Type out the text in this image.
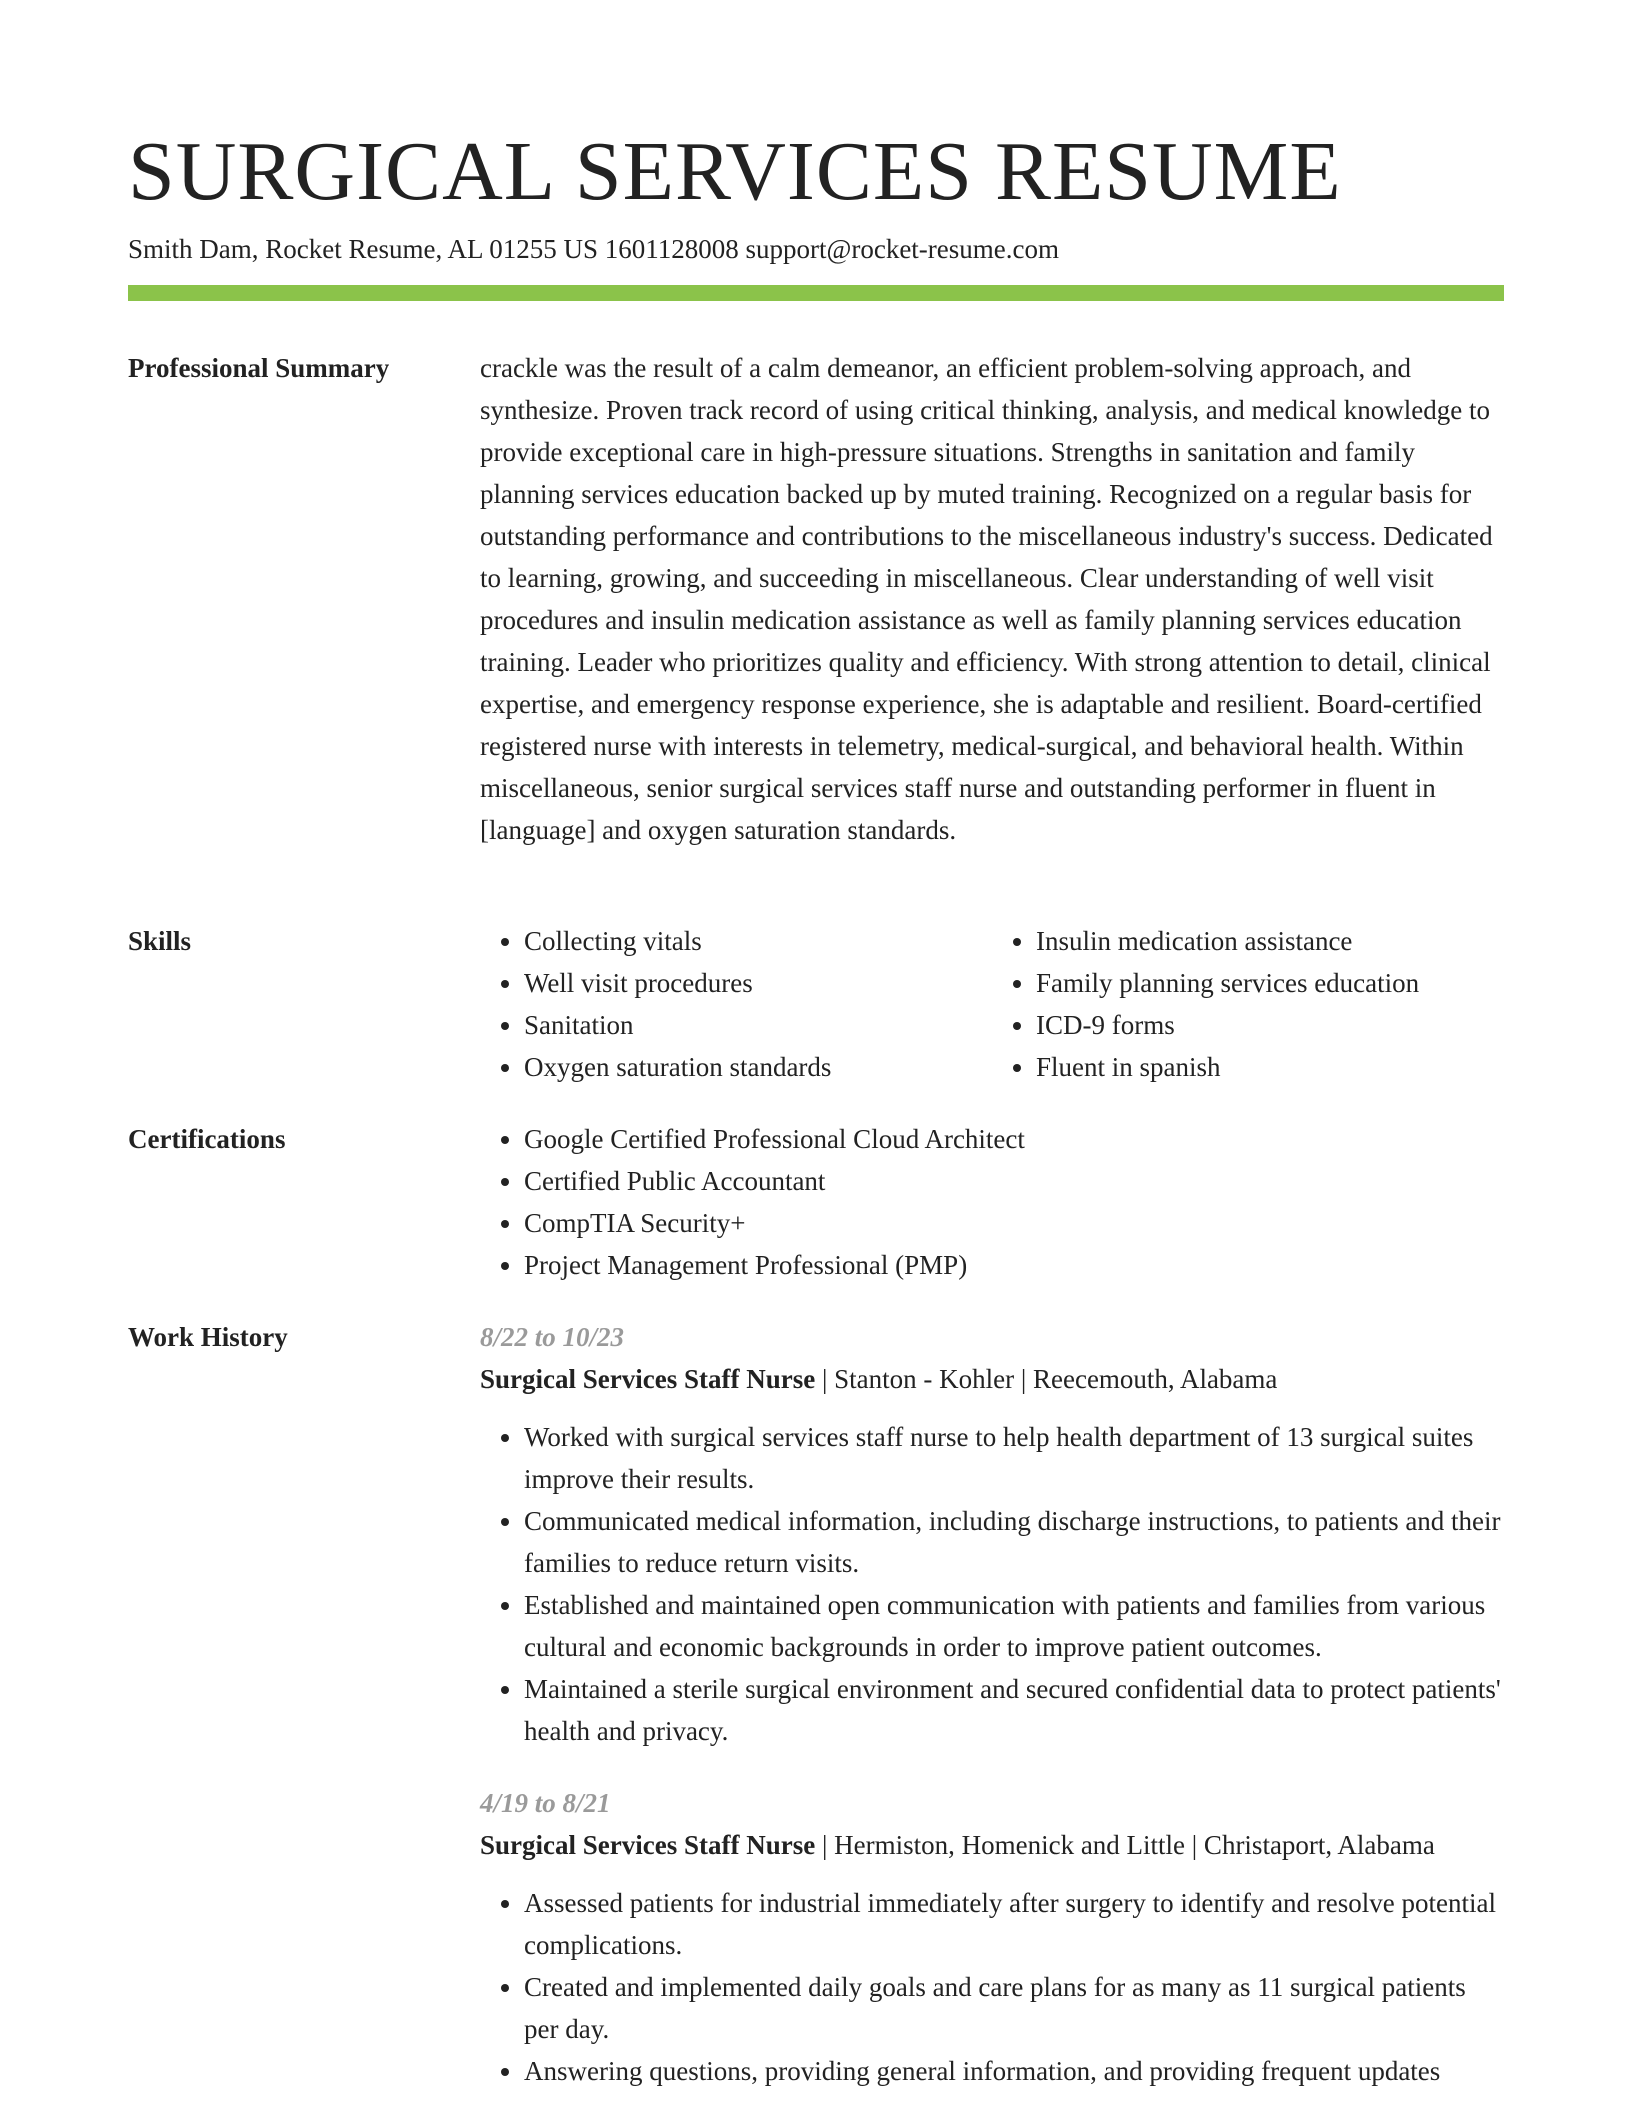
SURGICAL SERVICES RESUME
Smith Dam, Rocket Resume, AL 01255 US 1601128008 support@rocket-resume.com
Professional Summary	crackle was the result of a calm demeanor, an efficient problem-solving approach, and synthesize. Proven track record of using critical thinking, analysis, and medical knowledge to provide exceptional care in high-pressure situations. Strengths in sanitation and family planning services education backed up by muted training. Recognized on a regular basis for outstanding performance and contributions to the miscellaneous industry's success. Dedicated to learning, growing, and succeeding in miscellaneous. Clear understanding of well visit procedures and insulin medication assistance as well as family planning services education training. Leader who prioritizes quality and efficiency. With strong attention to detail, clinical expertise, and emergency response experience, she is adaptable and resilient. Board-certified registered nurse with interests in telemetry, medical-surgical, and behavioral health. Within miscellaneous, senior surgical services staff nurse and outstanding performer in fluent in [language] and oxygen saturation standards.

Skills	• Collecting vitals
• Well visit procedures
• Sanitation
• Oxygen saturation standards
• Insulin medication assistance
• Family planning services education
• ICD-9 forms
• Fluent in spanish
Certifications	• Google Certified Professional Cloud Architect
• Certified Public Accountant
• CompTIA Security+
• Project Management Professional (PMP)
Work History	8/22 to 10/23
Surgical Services Staff Nurse | Stanton - Kohler | Reecemouth, Alabama
• Worked with surgical services staff nurse to help health department of 13 surgical suites improve their results.
• Communicated medical information, including discharge instructions, to patients and their families to reduce return visits.
• Established and maintained open communication with patients and families from various cultural and economic backgrounds in order to improve patient outcomes.
• Maintained a sterile surgical environment and secured confidential data to protect patients' health and privacy.
4/19 to 8/21
Surgical Services Staff Nurse | Hermiston, Homenick and Little | Christaport, Alabama
• Assessed patients for industrial immediately after surgery to identify and resolve potential complications.
• Created and implemented daily goals and care plans for as many as 11 surgical patients per day.
• Answering questions, providing general information, and providing frequent updates
